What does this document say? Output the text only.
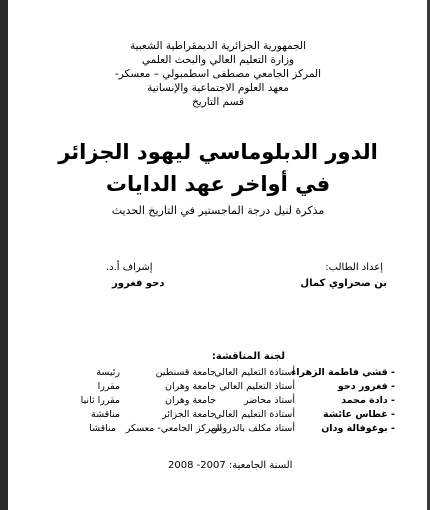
الجمهورية الجزائرية الديمقراطية الشعبية
وزارة التعليم العالي والبحث العلمي
المركز الجامعي مصطفى اسطمبولي – معسكر-
معهد العلوم الاجتماعية والإنسانية
قسم التاريخ
الدور الدبلوماسي ليهود الجزائر
في أواخر عهد الدايات
مذكرة لنيل درجة الماجستير في التاريخ الحديث
إعداد الطالب:
بن صحراوي كمال
إشراف أ.د.
دحو فغرور
لجنة المناقشة:
- قشي فاطمة الزهراء
أستاذة التعليم العالي
جامعة قسنطين
رئيسة
- فغرور دحو
أستاذ التعليم العالي
جامعة وهران
مقررا
- دادة محمد
أستاذ محاضر
جامعة وهران
مقررا ثانيا
- غطاس عائشة
أستاذة التعليم العالي
جامعة الجزائر
مناقشة
- بوغوفالة ودان
أستاذ مكلف بالدروس
المركز الجامعي- معسكر
مناقشا
السنة الجامعية: 2007- 2008
